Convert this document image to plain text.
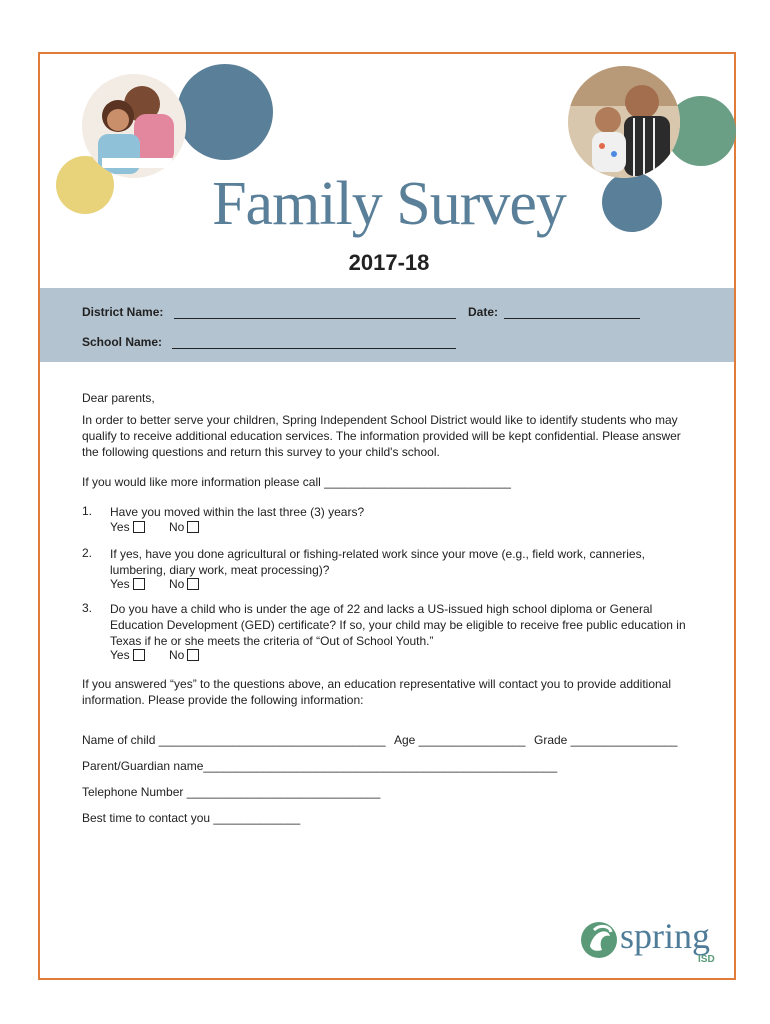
Family Survey
2017-18
District Name:	Date:
School Name:
Dear parents,
In order to better serve your children, Spring Independent School District would like to identify students who may
qualify to receive additional education services. The information provided will be kept confidential. Please answer
the following questions and return this survey to your child's school.
If you would like more information please call ____________________________
1. Have you moved within the last three (3) years?
Yes	No
2. If yes, have you done agricultural or fishing-related work since your move (e.g., field work, canneries,
lumbering, diary work, meat processing)?
Yes	No
3. Do you have a child who is under the age of 22 and lacks a US-issued high school diploma or General
Education Development (GED) certificate? If so, your child may be eligible to receive free public education in
Texas if he or she meets the criteria of “Out of School Youth.”
Yes	No
If you answered “yes” to the questions above, an education representative will contact you to provide additional
information. Please provide the following information:
Name of child __________________________________ Age ________________ Grade ________________
Parent/Guardian name_____________________________________________________
Telephone Number _____________________________
Best time to contact you _____________
spring
ISD
